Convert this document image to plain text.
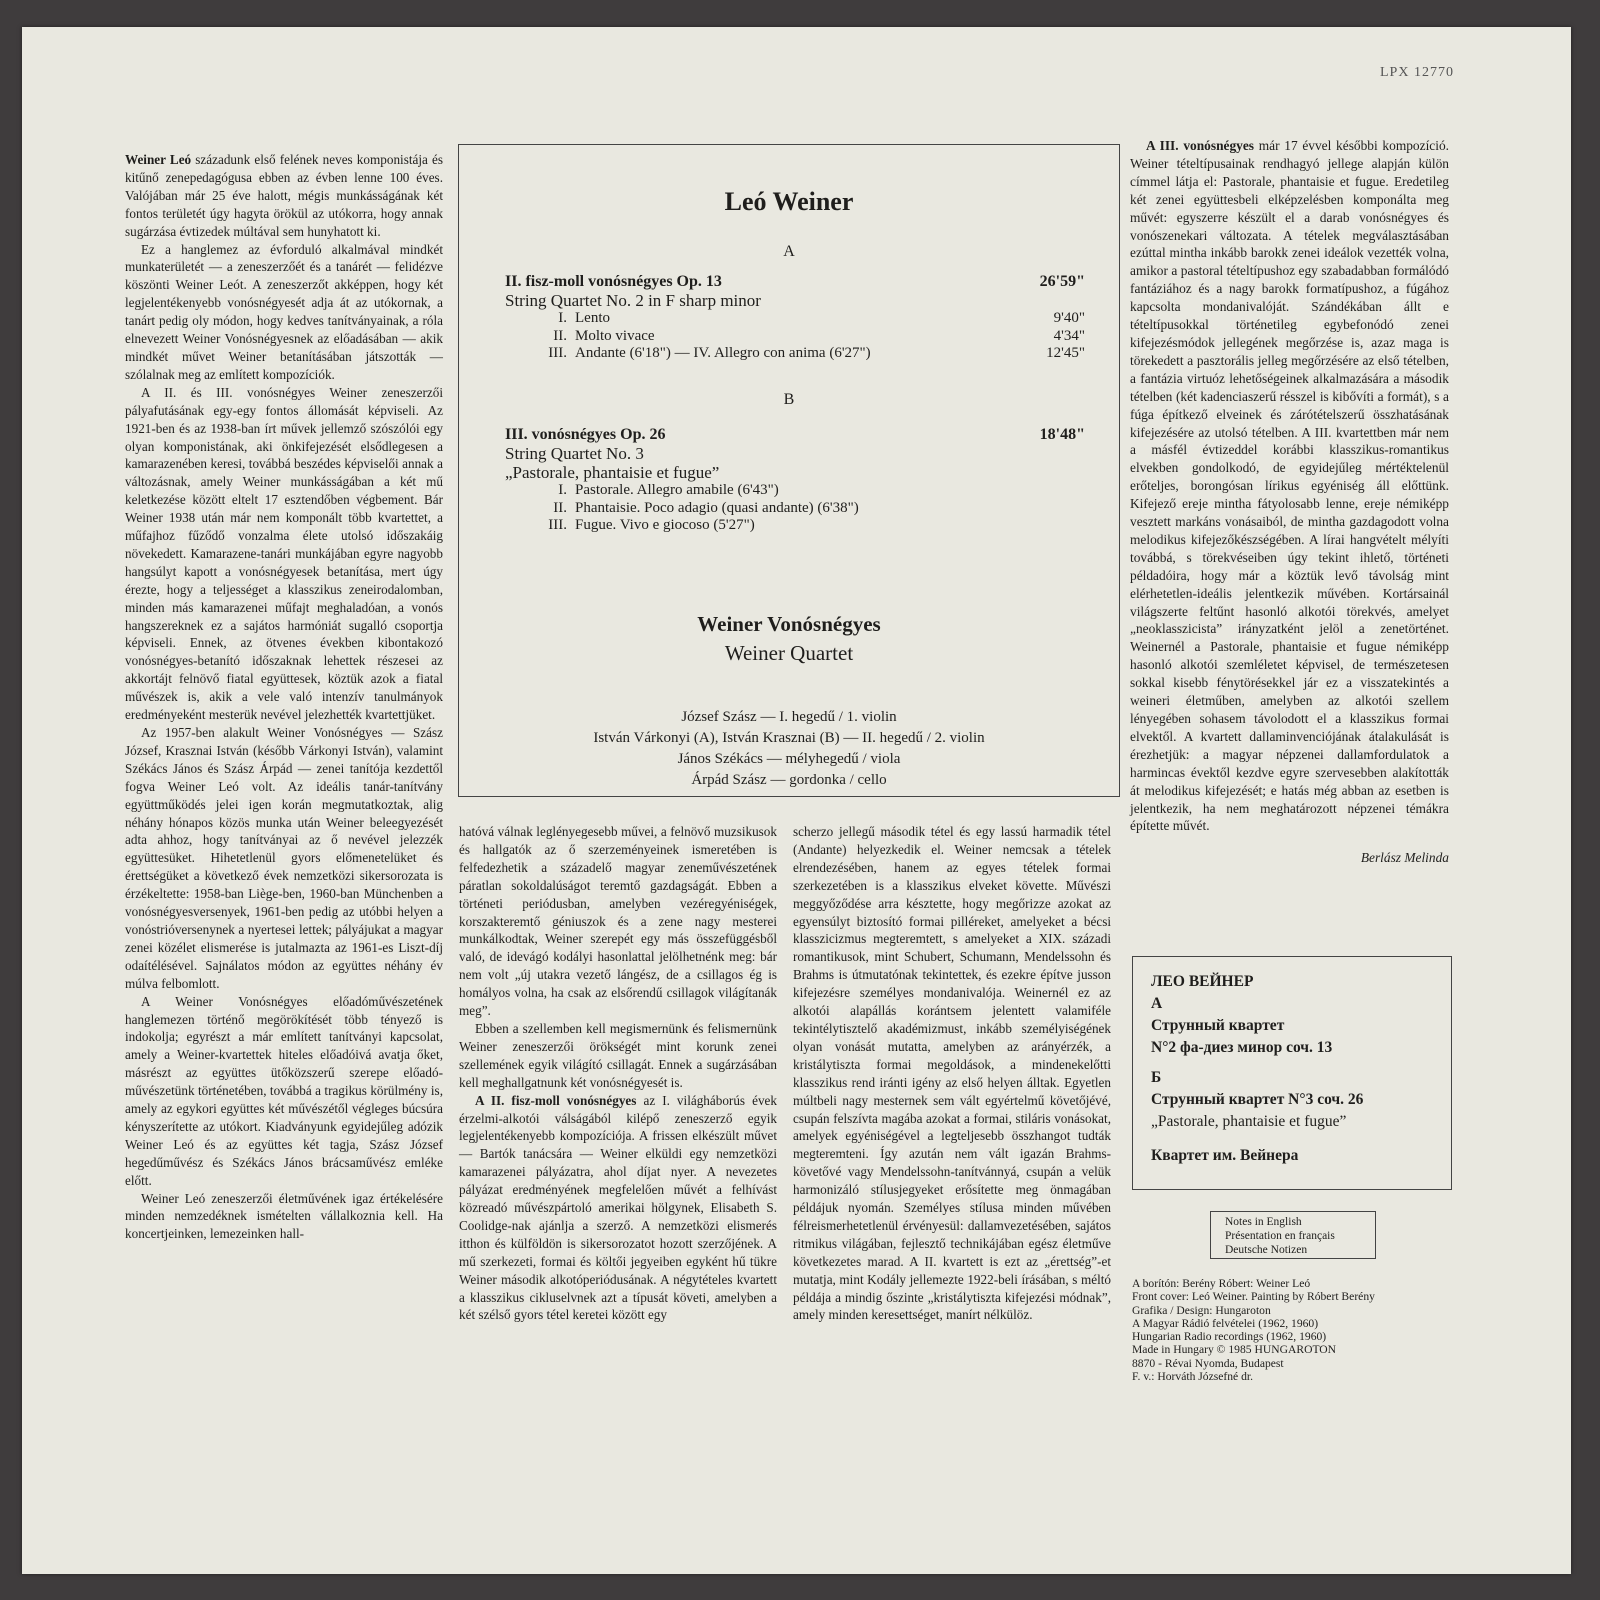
LPX 12770

Weiner Leó századunk első felének neves komponistája és kitűnő zenepedagógusa ebben az évben lenne 100 éves. Valójában már 25 éve halott, mégis munkásságának két fontos területét úgy hagyta örökül az utókorra, hogy annak sugárzása évtizedek múltával sem hunyhatott ki.

Ez a hanglemez az évforduló alkalmával mindkét munkaterületét — a zeneszerzőét és a tanárét — felidézve köszönti Weiner Leót. A zeneszerzőt akképpen, hogy két legjelentékenyebb vonósnégyesét adja át az utókornak, a tanárt pedig oly módon, hogy kedves tanítványainak, a róla elnevezett Weiner Vonósnégyesnek az előadásában — akik mindkét művet Weiner betanításában játszották — szólalnak meg az említett kompozíciók.

A II. és III. vonósnégyes Weiner zeneszerzői pályafutásának egy-egy fontos állomását képviseli. Az 1921-ben és az 1938-ban írt művek jellemző szószólói egy olyan komponistának, aki önkifejezését elsődlegesen a kamarazenében keresi, továbbá beszédes képviselői annak a változásnak, amely Weiner munkásságában a két mű keletkezése között eltelt 17 esztendőben végbement. Bár Weiner 1938 után már nem komponált több kvartettet, a műfajhoz fűződő vonzalma élete utolsó időszakáig növekedett. Kamarazene-tanári munkájában egyre nagyobb hangsúlyt kapott a vonósnégyesek betanítása, mert úgy érezte, hogy a teljességet a klasszikus zeneirodalomban, minden más kamarazenei műfajt meghaladóan, a vonós hangszereknek ez a sajátos harmóniát sugalló csoportja képviseli. Ennek, az ötvenes években kibontakozó vonósnégyes-betanító időszaknak lehettek részesei az akkortájt felnövő fiatal együttesek, köztük azok a fiatal művészek is, akik a vele való intenzív tanulmányok eredményeként mesterük nevével jelezhették kvartettjüket.

Az 1957-ben alakult Weiner Vonósnégyes — Szász József, Krasznai István (később Várkonyi István), valamint Székács János és Szász Árpád — zenei tanítója kezdettől fogva Weiner Leó volt. Az ideális tanár-tanítvány együttműködés jelei igen korán megmutatkoztak, alig néhány hónapos közös munka után Weiner beleegyezését adta ahhoz, hogy tanítványai az ő nevével jelezzék együttesüket. Hihetetlenül gyors előmenetelüket és érettségüket a következő évek nemzetközi sikersorozata is érzékeltette: 1958-ban Liège-ben, 1960-ban Münchenben a vonósnégyesversenyek, 1961-ben pedig az utóbbi helyen a vonóstrióversenynek a nyertesei lettek; pályájukat a magyar zenei közélet elismerése is jutalmazta az 1961-es Liszt-díj odaítélésével. Sajnálatos módon az együttes néhány év múlva felbomlott.

A Weiner Vonósnégyes előadóművészetének hanglemezen történő megörökítését több tényező is indokolja; egyrészt a már említett tanítványi kapcsolat, amely a Weiner-kvartettek hiteles előadóivá avatja őket, másrészt az együttes ütőközszerű szerepe előadó-művészetünk történetében, továbbá a tragikus körülmény is, amely az egykori együttes két művészétől végleges búcsúra kényszerítette az utókort. Kiadványunk egyidejűleg adózik Weiner Leó és az együttes két tagja, Szász József hegedűművész és Székács János brácsaművész emléke előtt.

Weiner Leó zeneszerzői életművének igaz értékelésére minden nemzedéknek ismételten vállalkoznia kell. Ha koncertjeinken, lemezeinken hall-

hatóvá válnak leglényegesebb művei, a felnövő muzsikusok és hallgatók az ő szerzeményeinek ismeretében is felfedezhetik a századelő magyar zeneművészetének páratlan sokoldalúságot teremtő gazdagságát. Ebben a történeti periódusban, amelyben vezéregyéniségek, korszakteremtő géniuszok és a zene nagy mesterei munkálkodtak, Weiner szerepét egy más összefüggésből való, de idevágó kodályi hasonlattal jelölhetnénk meg: bár nem volt „új utakra vezető lángész, de a csillagos ég is homályos volna, ha csak az elsőrendű csillagok világítanák meg”.

Ebben a szellemben kell megismernünk és felismernünk Weiner zeneszerzői örökségét mint korunk zenei szellemének egyik világító csillagát. Ennek a sugárzásában kell meghallgatnunk két vonósnégyesét is.

A II. fisz-moll vonósnégyes az I. világháborús évek érzelmi-alkotói válságából kilépő zeneszerző egyik legjelentékenyebb kompozíciója. A frissen elkészült művet — Bartók tanácsára — Weiner elküldi egy nemzetközi kamarazenei pályázatra, ahol díjat nyer. A nevezetes pályázat eredményének megfelelően művét a felhívást közreadó művészpártoló amerikai hölgynek, Elisabeth S. Coolidge-nak ajánlja a szerző. A nemzetközi elismerés itthon és külföldön is sikersorozatot hozott szerzőjének. A mű szerkezeti, formai és költői jegyeiben egyként hű tükre Weiner második alkotóperiódusának. A négytételes kvartett a klasszikus cikluselvnek azt a típusát követi, amelyben a két szélső gyors tétel keretei között egy

scherzo jellegű második tétel és egy lassú harmadik tétel (Andante) helyezkedik el. Weiner nemcsak a tételek elrendezésében, hanem az egyes tételek formai szerkezetében is a klasszikus elveket követte. Művészi meggyőződése arra késztette, hogy megőrizze azokat az egyensúlyt biztosító formai pilléreket, amelyeket a bécsi klasszicizmus megteremtett, s amelyeket a XIX. századi romantikusok, mint Schubert, Schumann, Mendelssohn és Brahms is útmutatónak tekintettek, és ezekre építve jusson kifejezésre személyes mondanivalója. Weinernél ez az alkotói alapállás korántsem jelentett valamiféle tekintélytisztelő akadémizmust, inkább személyiségének olyan vonását mutatta, amelyben az arányérzék, a kristálytiszta formai megoldások, a mindenekelőtti klasszikus rend iránti igény az első helyen álltak. Egyetlen múltbeli nagy mesternek sem vált egyértelmű követőjévé, csupán felszívta magába azokat a formai, stiláris vonásokat, amelyek egyéniségével a legteljesebb összhangot tudták megteremteni. Így azután nem vált igazán Brahms-követővé vagy Mendelssohn-tanítvánnyá, csupán a velük harmonizáló stílusjegyeket erősítette meg önmagában példájuk nyomán. Személyes stílusa minden művében félreismerhetetlenül érvényesül: dallamvezetésében, sajátos ritmikus világában, fejlesztő technikájában egész életműve következetes marad. A II. kvartett is ezt az „érettség”-et mutatja, mint Kodály jellemezte 1922-beli írásában, s méltó példája a mindig őszinte „kristálytiszta kifejezési módnak”, amely minden keresettséget, manírt nélkülöz.

A III. vonósnégyes már 17 évvel későbbi kompozíció. Weiner tételtípusainak rendhagyó jellege alapján külön címmel látja el: Pastorale, phantaisie et fugue. Eredetileg két zenei együttesbeli elképzelésben komponálta meg művét: egyszerre készült el a darab vonósnégyes és vonószenekari változata. A tételek megválasztásában ezúttal mintha inkább barokk zenei ideálok vezették volna, amikor a pastoral tételtípushoz egy szabadabban formálódó fantáziához és a nagy barokk formatípushoz, a fúgához kapcsolta mondanivalóját. Szándékában állt e tételtípusokkal történetileg egybefonódó zenei kifejezésmódok jellegének megőrzése is, azaz maga is törekedett a pasztorális jelleg megőrzésére az első tételben, a fantázia virtuóz lehetőségeinek alkalmazására a második tételben (két kadenciaszerű résszel is kibővíti a formát), s a fúga építkező elveinek és zárótételszerű összhatásának kifejezésére az utolsó tételben. A III. kvartettben már nem a másfél évtizeddel korábbi klasszikus-romantikus elvekben gondolkodó, de egyidejűleg mértéktelenül erőteljes, borongósan lírikus egyéniség áll előttünk. Kifejező ereje mintha fátyolosabb lenne, ereje némiképp vesztett markáns vonásaiból, de mintha gazdagodott volna melodikus kifejezőkészségében. A lírai hangvételt mélyíti továbbá, s törekvéseiben úgy tekint ihlető, történeti példadóira, hogy már a köztük levő távolság mint elérhetetlen-ideális jelentkezik művében. Kortársainál világszerte feltűnt hasonló alkotói törekvés, amelyet „neoklasszicista” irányzatként jelöl a zenetörténet. Weinernél a Pastorale, phantaisie et fugue némiképp hasonló alkotói szemléletet képvisel, de természetesen sokkal kisebb fénytörésekkel jár ez a visszatekintés a weineri életműben, amelyben az alkotói szellem lényegében sohasem távolodott el a klasszikus formai elvektől. A kvartett dallaminvenciójának átalakulását is érezhetjük: a magyar népzenei dallamfordulatok a harmincas évektől kezdve egyre szervesebben alakították át melodikus kifejezését; e hatás még abban az esetben is jelentkezik, ha nem meghatározott népzenei témákra építette művét.

Berlász Melinda
Leó Weiner
A
II. fisz-moll vonósnégyes Op. 13	26'59"
String Quartet No. 2 in F sharp minor
I. Lento	9'40"
II. Molto vivace	4'34"
III. Andante (6'18") — IV. Allegro con anima (6'27")	12'45"
B
III. vonósnégyes Op. 26	18'48"
String Quartet No. 3
„Pastorale, phantaisie et fugue”
I. Pastorale. Allegro amabile (6'43")
II. Phantaisie. Poco adagio (quasi andante) (6'38")
III. Fugue. Vivo e giocoso (5'27")
Weiner Vonósnégyes
Weiner Quartet
József Szász — I. hegedű / 1. violin
István Várkonyi (A), István Krasznai (B) — II. hegedű / 2. violin
János Székács — mélyhegedű / viola
Árpád Szász — gordonka / cello
ЛЕО ВЕЙНЕР
А
Струнный квартет
N°2 фа-диез минор соч. 13
Б
Струнный квартет N°3 соч. 26
„Pastorale, phantaisie et fugue”
Квартет им. Вейнера
Notes in English
Présentation en français
Deutsche Notizen
A borítón: Berény Róbert: Weiner Leó
Front cover: Leó Weiner. Painting by Róbert Berény
Grafika / Design: Hungaroton
A Magyar Rádió felvételei (1962, 1960)
Hungarian Radio recordings (1962, 1960)
Made in Hungary © 1985 HUNGAROTON
8870 - Révai Nyomda, Budapest
F. v.: Horváth Józsefné dr.
